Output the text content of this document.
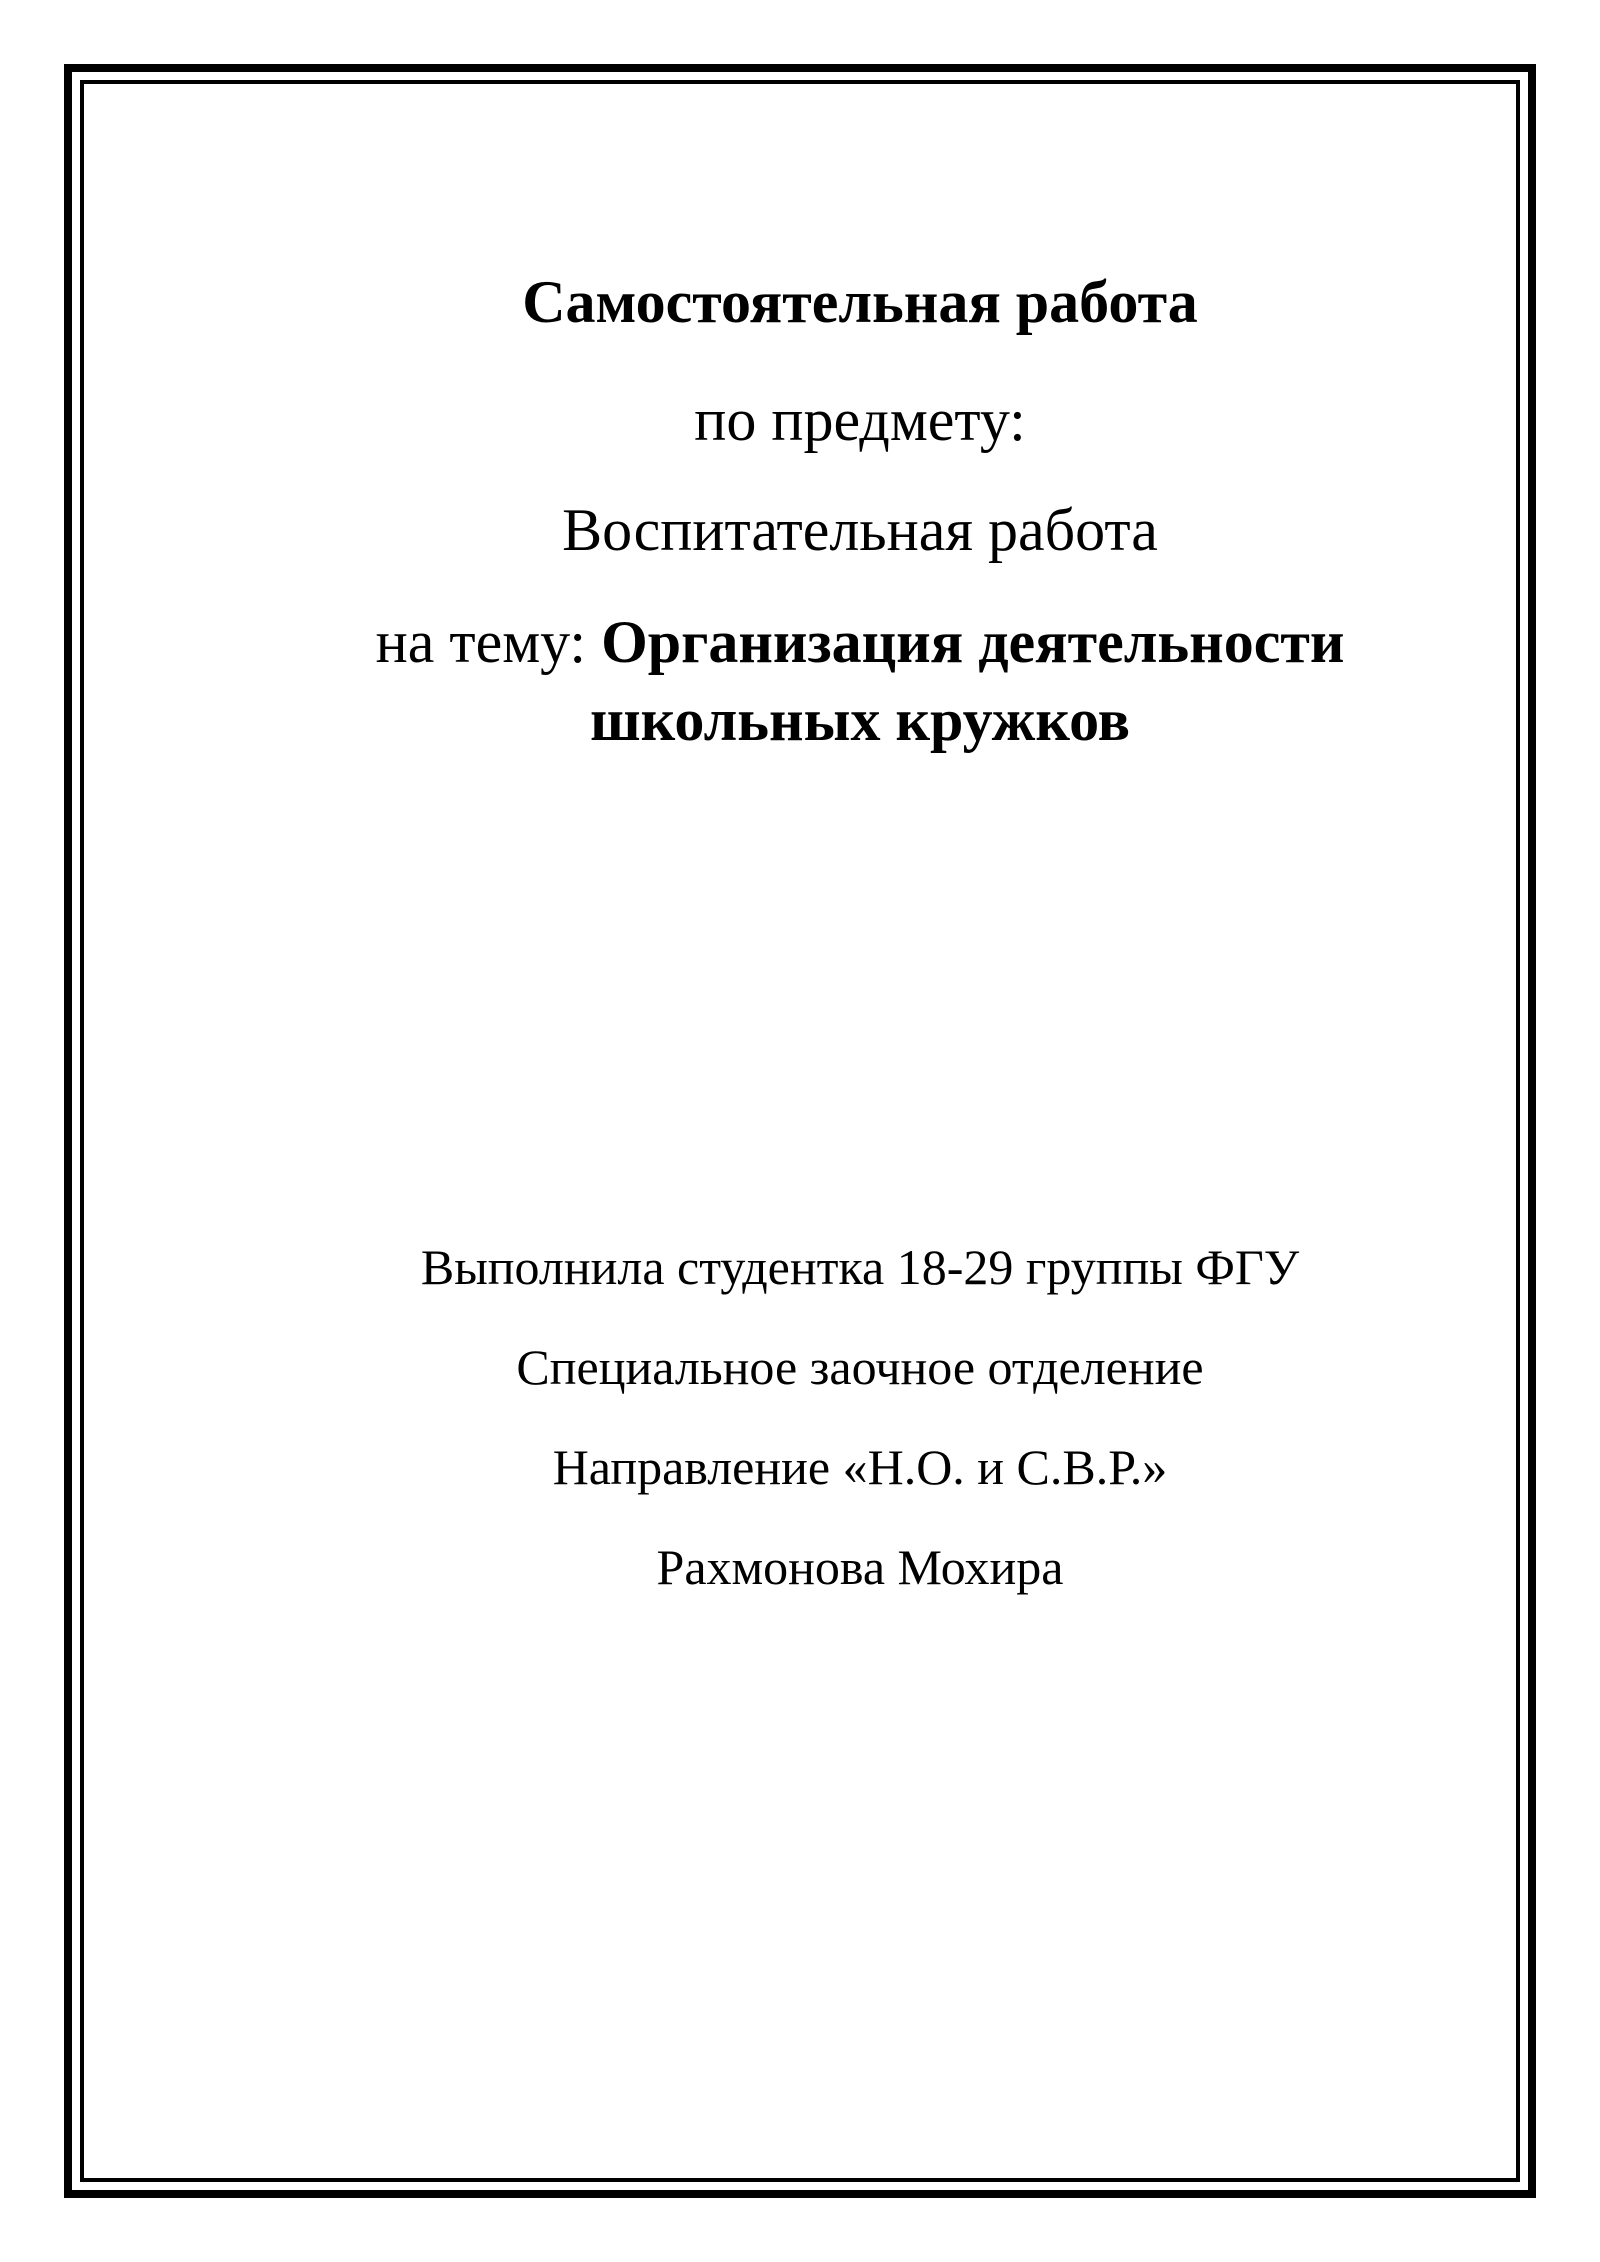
Самостоятельная работа
по предмету:
Воспитательная работа
на тему: Организация деятельности
школьных кружков
Выполнила студентка 18-29 группы ФГУ
Специальное заочное отделение
Направление «Н.О. и С.В.Р.»
Рахмонова Мохира
